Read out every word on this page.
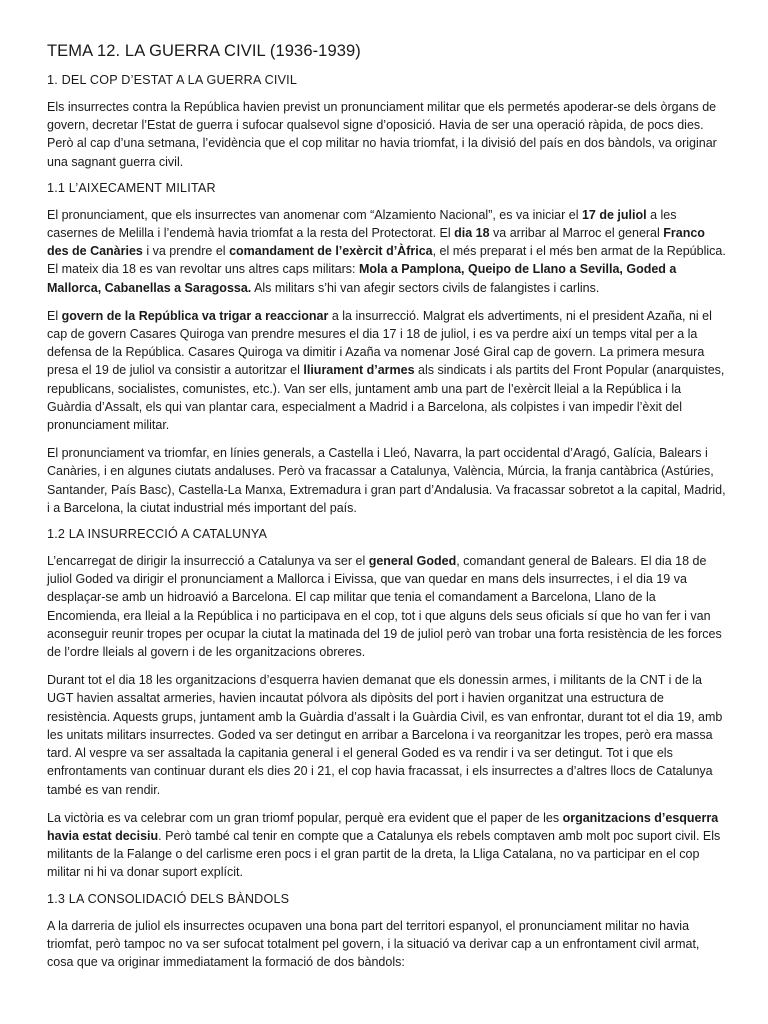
TEMA 12. LA GUERRA CIVIL (1936-1939)
1. DEL COP D’ESTAT A LA GUERRA CIVIL

Els insurrectes contra la República havien previst un pronunciament militar que els permetés apoderar-se dels òrgans de govern, decretar l’Estat de guerra i sufocar qualsevol signe d’oposició. Havia de ser una operació ràpida, de pocs dies. Però al cap d’una setmana, l’evidència que el cop militar no havia triomfat, i la divisió del país en dos bàndols, va originar una sagnant guerra civil.

1.1 L’AIXECAMENT MILITAR

El pronunciament, que els insurrectes van anomenar com “Alzamiento Nacional”, es va iniciar el 17 de juliol a les casernes de Melilla i l’endemà havia triomfat a la resta del Protectorat. El dia 18 va arribar al Marroc el general Franco des de Canàries i va prendre el comandament de l’exèrcit d’Àfrica, el més preparat i el més ben armat de la República. El mateix dia 18 es van revoltar uns altres caps militars: Mola a Pamplona, Queipo de Llano a Sevilla, Goded a Mallorca, Cabanellas a Saragossa. Als militars s’hi van afegir sectors civils de falangistes i carlins.

El govern de la República va trigar a reaccionar a la insurrecció. Malgrat els advertiments, ni el president Azaña, ni el cap de govern Casares Quiroga van prendre mesures el dia 17 i 18 de juliol, i es va perdre així un temps vital per a la defensa de la República. Casares Quiroga va dimitir i Azaña va nomenar José Giral cap de govern. La primera mesura presa el 19 de juliol va consistir a autoritzar el lliurament d’armes als sindicats i als partits del Front Popular (anarquistes, republicans, socialistes, comunistes, etc.). Van ser ells, juntament amb una part de l’exèrcit lleial a la República i la Guàrdia d’Assalt, els qui van plantar cara, especialment a Madrid i a Barcelona, als colpistes i van impedir l’èxit del pronunciament militar.

El pronunciament va triomfar, en línies generals, a Castella i Lleó, Navarra, la part occidental d’Aragó, Galícia, Balears i Canàries, i en algunes ciutats andaluses. Però va fracassar a Catalunya, València, Múrcia, la franja cantàbrica (Astúries, Santander, País Basc), Castella-La Manxa, Extremadura i gran part d’Andalusia. Va fracassar sobretot a la capital, Madrid, i a Barcelona, la ciutat industrial més important del país.

1.2 LA INSURRECCIÓ A CATALUNYA

L’encarregat de dirigir la insurrecció a Catalunya va ser el general Goded, comandant general de Balears. El dia 18 de juliol Goded va dirigir el pronunciament a Mallorca i Eivissa, que van quedar en mans dels insurrectes, i el dia 19 va desplaçar-se amb un hidroavió a Barcelona. El cap militar que tenia el comandament a Barcelona, Llano de la Encomienda, era lleial a la República i no participava en el cop, tot i que alguns dels seus oficials sí que ho van fer i van aconseguir reunir tropes per ocupar la ciutat la matinada del 19 de juliol però van trobar una forta resistència de les forces de l’ordre lleials al govern i de les organitzacions obreres.

Durant tot el dia 18 les organitzacions d’esquerra havien demanat que els donessin armes, i militants de la CNT i de la UGT havien assaltat armeries, havien incautat pólvora als dipòsits del port i havien organitzat una estructura de resistència. Aquests grups, juntament amb la Guàrdia d’assalt i la Guàrdia Civil, es van enfrontar, durant tot el dia 19, amb les unitats militars insurrectes. Goded va ser detingut en arribar a Barcelona i va reorganitzar les tropes, però era massa tard. Al vespre va ser assaltada la capitania general i el general Goded es va rendir i va ser detingut. Tot i que els enfrontaments van continuar durant els dies 20 i 21, el cop havia fracassat, i els insurrectes a d’altres llocs de Catalunya també es van rendir.

La victòria es va celebrar com un gran triomf popular, perquè era evident que el paper de les organitzacions d’esquerra havia estat decisiu. Però també cal tenir en compte que a Catalunya els rebels comptaven amb molt poc suport civil. Els militants de la Falange o del carlisme eren pocs i el gran partit de la dreta, la Lliga Catalana, no va participar en el cop militar ni hi va donar suport explícit.

1.3 LA CONSOLIDACIÓ DELS BÀNDOLS

A la darreria de juliol els insurrectes ocupaven una bona part del territori espanyol, el pronunciament militar no havia triomfat, però tampoc no va ser sufocat totalment pel govern, i la situació va derivar cap a un enfrontament civil armat, cosa que va originar immediatament la formació de dos bàndols:
